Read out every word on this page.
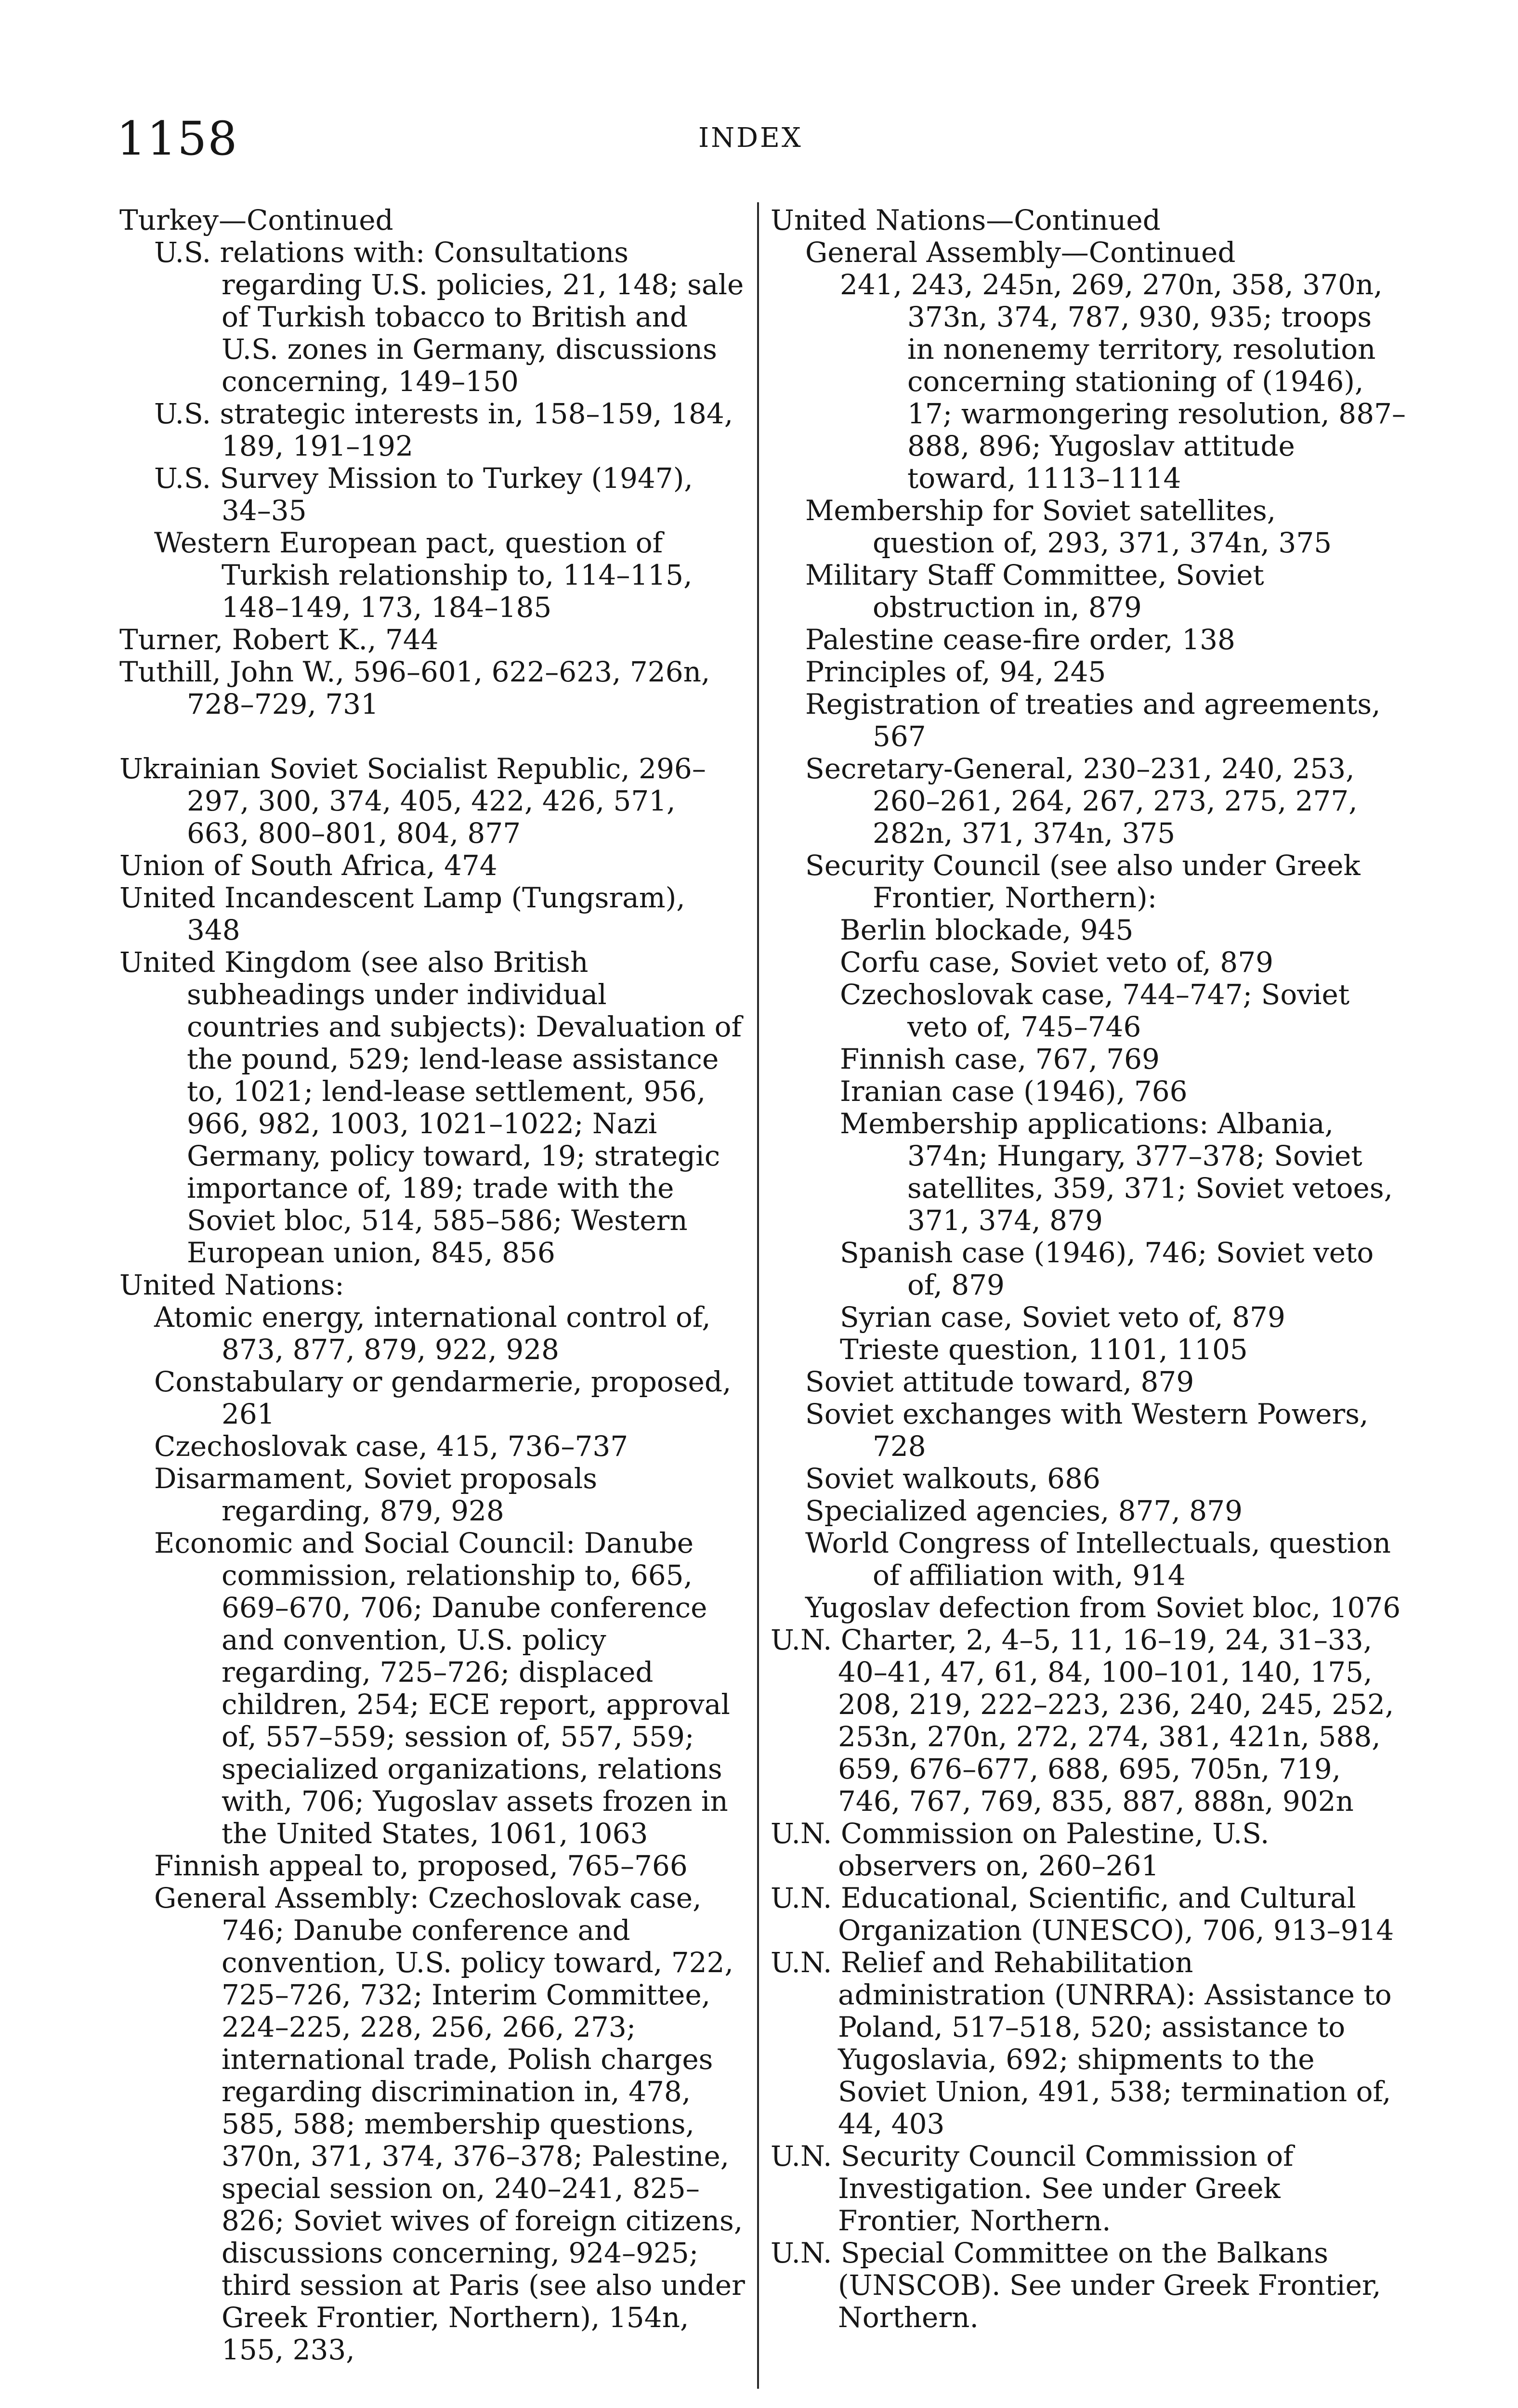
1158	INDEX

Turkey—Continued

U.S. relations with: Consultations regarding U.S. policies, 21, 148; sale of Turkish tobacco to British and U.S. zones in Germany, discussions concerning, 149–150

U.S. strategic interests in, 158–159, 184, 189, 191–192

U.S. Survey Mission to Turkey (1947), 34–35

Western European pact, question of Turkish relationship to, 114–115, 148–149, 173, 184–185

Turner, Robert K., 744

Tuthill, John W., 596–601, 622–623, 726n, 728–729, 731

Ukrainian Soviet Socialist Republic, 296–297, 300, 374, 405, 422, 426, 571, 663, 800–801, 804, 877

Union of South Africa, 474

United Incandescent Lamp (Tungsram), 348

United Kingdom (see also British subheadings under individual countries and subjects): Devaluation of the pound, 529; lend-lease assistance to, 1021; lend-lease settlement, 956, 966, 982, 1003, 1021–1022; Nazi Germany, policy toward, 19; strategic importance of, 189; trade with the Soviet bloc, 514, 585–586; Western European union, 845, 856

United Nations:

Atomic energy, international control of, 873, 877, 879, 922, 928

Constabulary or gendarmerie, proposed, 261

Czechoslovak case, 415, 736–737

Disarmament, Soviet proposals regarding, 879, 928

Economic and Social Council: Danube commission, relationship to, 665, 669–670, 706; Danube conference and convention, U.S. policy regarding, 725–726; displaced children, 254; ECE report, approval of, 557–559; session of, 557, 559; specialized organizations, relations with, 706; Yugoslav assets frozen in the United States, 1061, 1063

Finnish appeal to, proposed, 765–766

General Assembly: Czechoslovak case, 746; Danube conference and convention, U.S. policy toward, 722, 725–726, 732; Interim Committee, 224–225, 228, 256, 266, 273; international trade, Polish charges regarding discrimination in, 478, 585, 588; membership questions, 370n, 371, 374, 376–378; Palestine, special session on, 240–241, 825–826; Soviet wives of foreign citizens, discussions concerning, 924–925; third session at Paris (see also under Greek Frontier, Northern), 154n, 155, 233,

United Nations—Continued

General Assembly—Continued

241, 243, 245n, 269, 270n, 358, 370n, 373n, 374, 787, 930, 935; troops in nonenemy territory, resolution concerning stationing of (1946), 17; warmongering resolution, 887–888, 896; Yugoslav attitude toward, 1113–1114

Membership for Soviet satellites, question of, 293, 371, 374n, 375

Military Staff Committee, Soviet obstruction in, 879

Palestine cease-fire order, 138

Principles of, 94, 245

Registration of treaties and agreements, 567

Secretary-General, 230–231, 240, 253, 260–261, 264, 267, 273, 275, 277, 282n, 371, 374n, 375

Security Council (see also under Greek Frontier, Northern):

Berlin blockade, 945

Corfu case, Soviet veto of, 879

Czechoslovak case, 744–747; Soviet veto of, 745–746

Finnish case, 767, 769

Iranian case (1946), 766

Membership applications: Albania, 374n; Hungary, 377–378; Soviet satellites, 359, 371; Soviet vetoes, 371, 374, 879

Spanish case (1946), 746; Soviet veto of, 879

Syrian case, Soviet veto of, 879

Trieste question, 1101, 1105

Soviet attitude toward, 879

Soviet exchanges with Western Powers, 728

Soviet walkouts, 686

Specialized agencies, 877, 879

World Congress of Intellectuals, question of affiliation with, 914

Yugoslav defection from Soviet bloc, 1076

U.N. Charter, 2, 4–5, 11, 16–19, 24, 31–33, 40–41, 47, 61, 84, 100–101, 140, 175, 208, 219, 222–223, 236, 240, 245, 252, 253n, 270n, 272, 274, 381, 421n, 588, 659, 676–677, 688, 695, 705n, 719, 746, 767, 769, 835, 887, 888n, 902n

U.N. Commission on Palestine, U.S. observers on, 260–261

U.N. Educational, Scientific, and Cultural Organization (UNESCO), 706, 913–914

U.N. Relief and Rehabilitation administration (UNRRA): Assistance to Poland, 517–518, 520; assistance to Yugoslavia, 692; shipments to the Soviet Union, 491, 538; termination of, 44, 403

U.N. Security Council Commission of Investigation. See under Greek Frontier, Northern.

U.N. Special Committee on the Balkans (UNSCOB). See under Greek Frontier, Northern.
